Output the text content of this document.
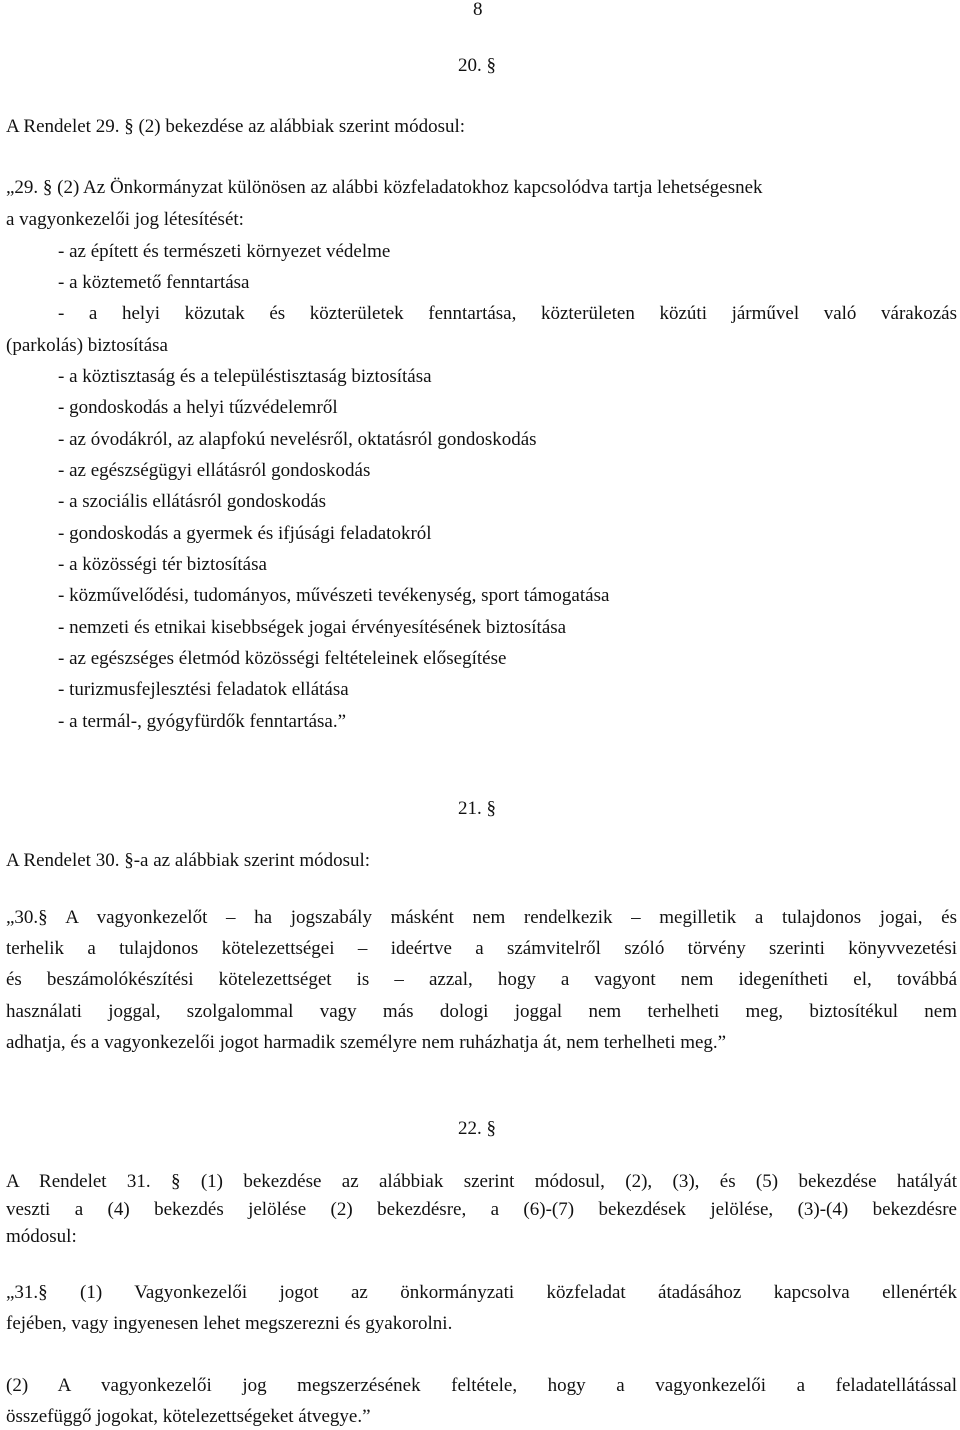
8
20. §
A Rendelet 29. § (2) bekezdése az alábbiak szerint módosul:
„29. § (2) Az Önkormányzat különösen az alábbi közfeladatokhoz kapcsolódva tartja lehetségesnek
a vagyonkezelői jog létesítését:
- az épített és természeti környezet védelme
- a köztemető fenntartása
- a helyi közutak és közterületek fenntartása, közterületen közúti járművel való várakozás
(parkolás) biztosítása
- a köztisztaság és a településtisztaság biztosítása
- gondoskodás a helyi tűzvédelemről
- az óvodákról, az alapfokú nevelésről, oktatásról gondoskodás
- az egészségügyi ellátásról gondoskodás
- a szociális ellátásról gondoskodás
- gondoskodás a gyermek és ifjúsági feladatokról
- a közösségi tér biztosítása
- közművelődési, tudományos, művészeti tevékenység, sport támogatása
- nemzeti és etnikai kisebbségek jogai érvényesítésének biztosítása
- az egészséges életmód közösségi feltételeinek elősegítése
- turizmusfejlesztési feladatok ellátása
- a termál-, gyógyfürdők fenntartása.”
21. §
A Rendelet 30. §-a az alábbiak szerint módosul:
„30.§ A vagyonkezelőt – ha jogszabály másként nem rendelkezik – megilletik a tulajdonos jogai, és
terhelik a tulajdonos kötelezettségei – ideértve a számvitelről szóló törvény szerinti könyvvezetési
és beszámolókészítési kötelezettséget is – azzal, hogy a vagyont nem idegenítheti el, továbbá
használati joggal, szolgalommal vagy más dologi joggal nem terhelheti meg, biztosítékul nem
adhatja, és a vagyonkezelői jogot harmadik személyre nem ruházhatja át, nem terhelheti meg.”
22. §
A Rendelet 31. § (1) bekezdése az alábbiak szerint módosul, (2), (3), és (5) bekezdése hatályát
veszti a (4) bekezdés jelölése (2) bekezdésre, a (6)-(7) bekezdések jelölése, (3)-(4) bekezdésre
módosul:
„31.§ (1) Vagyonkezelői jogot az önkormányzati közfeladat átadásához kapcsolva ellenérték
fejében, vagy ingyenesen lehet megszerezni és gyakorolni.
(2) A vagyonkezelői jog megszerzésének feltétele, hogy a vagyonkezelői a feladatellátással
összefüggő jogokat, kötelezettségeket átvegye.”
